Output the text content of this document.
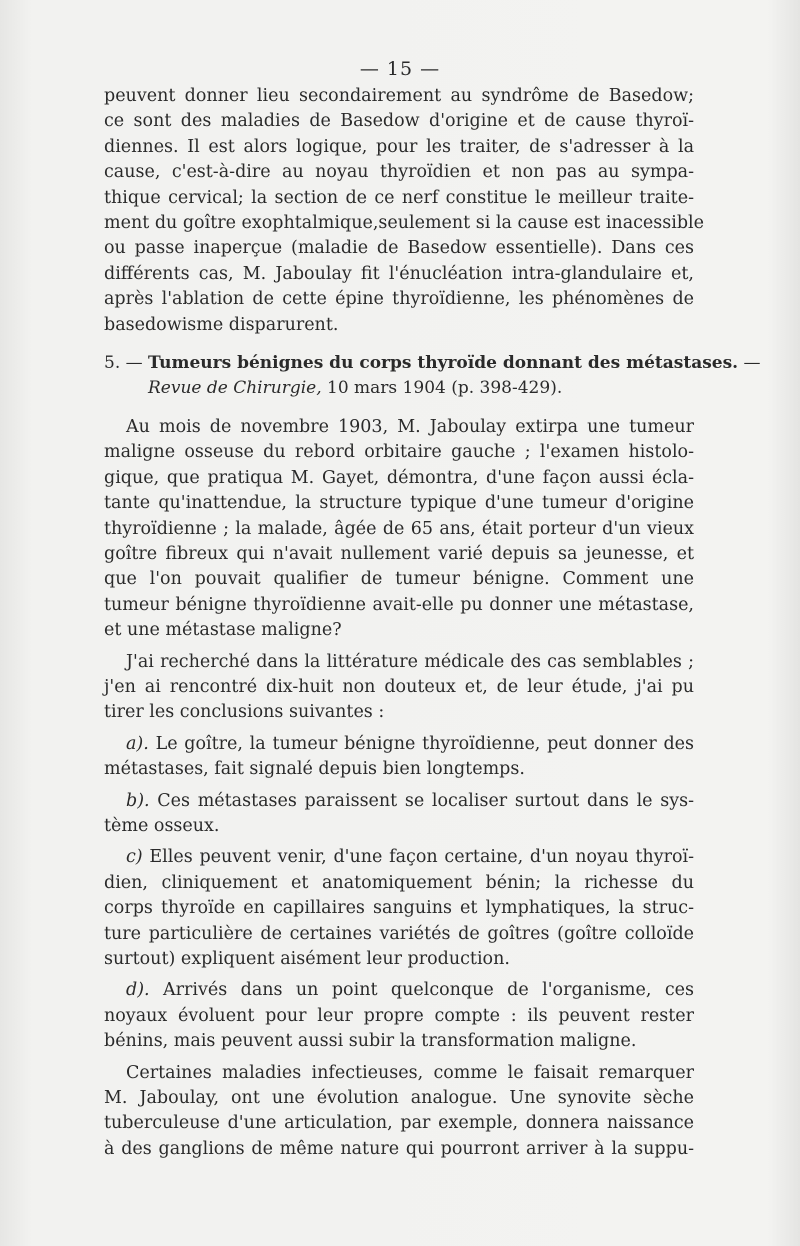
— 15 —
peuvent donner lieu secondairement au syndrôme de Basedow;
ce sont des maladies de Basedow d'origine et de cause thyroï-
diennes. Il est alors logique, pour les traiter, de s'adresser à la
cause, c'est-à-dire au noyau thyroïdien et non pas au sympa-
thique cervical; la section de ce nerf constitue le meilleur traite-
ment du goître exophtalmique,seulement si la cause est inacessible
ou passe inaperçue (maladie de Basedow essentielle). Dans ces
différents cas, M. Jaboulay fit l'énucléation intra-glandulaire et,
après l'ablation de cette épine thyroïdienne, les phénomènes de
basedowisme disparurent.
5. — Tumeurs bénignes du corps thyroïde donnant des métastases. —
Revue de Chirurgie, 10 mars 1904 (p. 398-429).
Au mois de novembre 1903, M. Jaboulay extirpa une tumeur
maligne osseuse du rebord orbitaire gauche ; l'examen histolo-
gique, que pratiqua M. Gayet, démontra, d'une façon aussi écla-
tante qu'inattendue, la structure typique d'une tumeur d'origine
thyroïdienne ; la malade, âgée de 65 ans, était porteur d'un vieux
goître fibreux qui n'avait nullement varié depuis sa jeunesse, et
que l'on pouvait qualifier de tumeur bénigne. Comment une
tumeur bénigne thyroïdienne avait-elle pu donner une métastase,
et une métastase maligne?
J'ai recherché dans la littérature médicale des cas semblables ;
j'en ai rencontré dix-huit non douteux et, de leur étude, j'ai pu
tirer les conclusions suivantes :
a). Le goître, la tumeur bénigne thyroïdienne, peut donner des
métastases, fait signalé depuis bien longtemps.
b). Ces métastases paraissent se localiser surtout dans le sys-
tème osseux.
c) Elles peuvent venir, d'une façon certaine, d'un noyau thyroï-
dien, cliniquement et anatomiquement bénin; la richesse du
corps thyroïde en capillaires sanguins et lymphatiques, la struc-
ture particulière de certaines variétés de goîtres (goître colloïde
surtout) expliquent aisément leur production.
d). Arrivés dans un point quelconque de l'organisme, ces
noyaux évoluent pour leur propre compte : ils peuvent rester
bénins, mais peuvent aussi subir la transformation maligne.
Certaines maladies infectieuses, comme le faisait remarquer
M. Jaboulay, ont une évolution analogue. Une synovite sèche
tuberculeuse d'une articulation, par exemple, donnera naissance
à des ganglions de même nature qui pourront arriver à la suppu-
